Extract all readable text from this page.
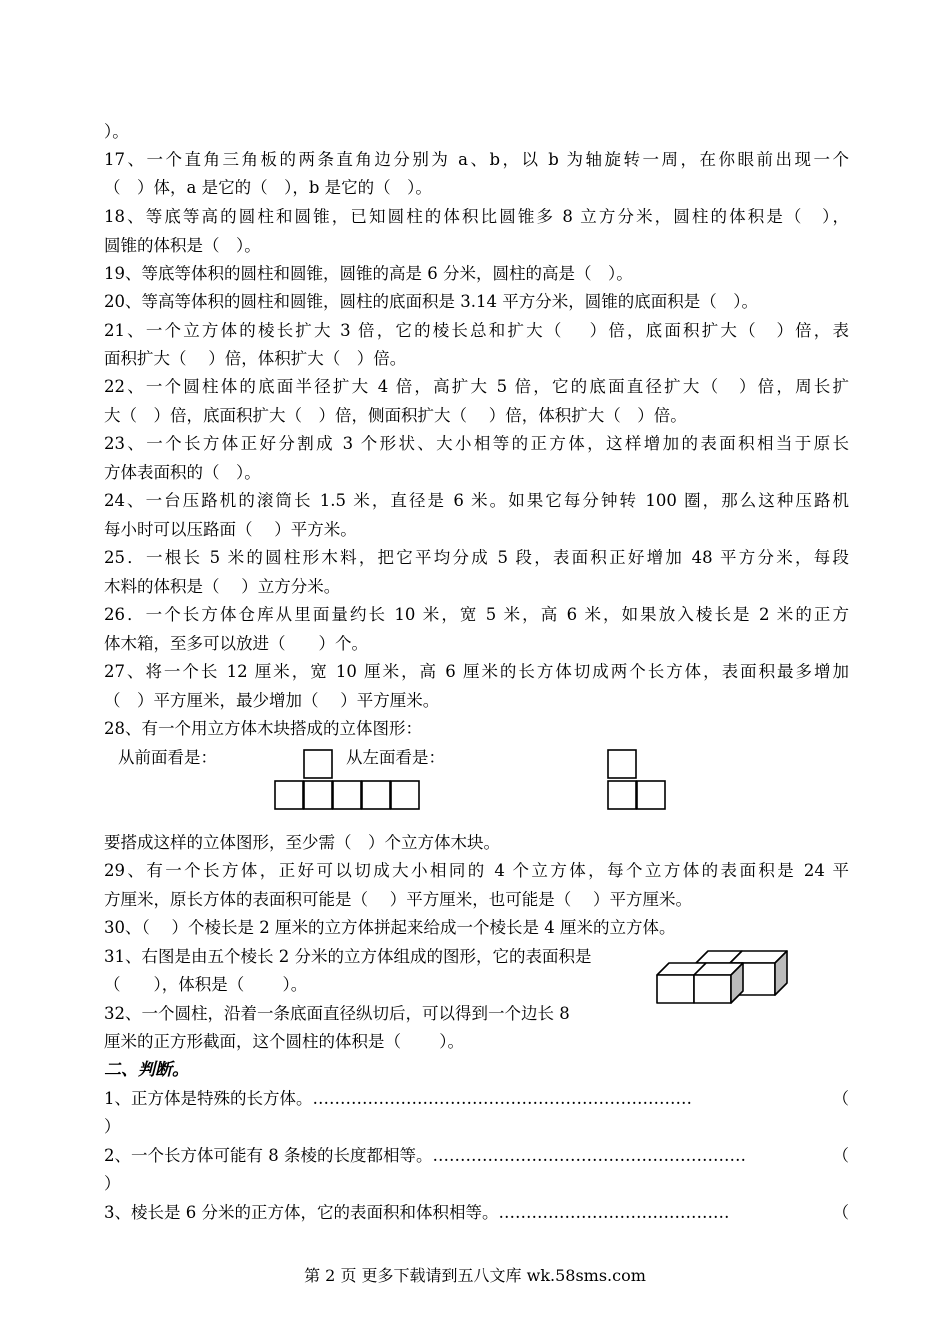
）。
17、一个直角三角板的两条直角边分别为 a、b，以 b 为轴旋转一周，在你眼前出现一个
（　）体，a 是它的（　），b 是它的（　）。
18、等底等高的圆柱和圆锥，已知圆柱的体积比圆锥多 8 立方分米，圆柱的体积是（　），
圆锥的体积是（　）。
19、等底等体积的圆柱和圆锥，圆锥的高是 6 分米，圆柱的高是（　）。
20、等高等体积的圆柱和圆锥，圆柱的底面积是 3.14 平方分米，圆锥的底面积是（　）。
21、一个立方体的棱长扩大 3 倍，它的棱长总和扩大（　 ）倍，底面积扩大（　）倍，表
面积扩大（　 ）倍，体积扩大（　）倍。
22、一个圆柱体的底面半径扩大 4 倍，高扩大 5 倍，它的底面直径扩大（　）倍，周长扩
大（　）倍，底面积扩大（　）倍，侧面积扩大（　 ）倍，体积扩大（　）倍。
23、一个长方体正好分割成 3 个形状、大小相等的正方体，这样增加的表面积相当于原长
方体表面积的（　）。
24、一台压路机的滚筒长 1.5 米，直径是 6 米。如果它每分钟转 100 圈，那么这种压路机
每小时可以压路面（　 ）平方米。
25．一根长 5 米的圆柱形木料，把它平均分成 5 段，表面积正好增加 48 平方分米，每段
木料的体积是（　 ）立方分米。
26．一个长方体仓库从里面量约长 10 米，宽 5 米，高 6 米，如果放入棱长是 2 米的正方
体木箱，至多可以放进（　　）个。
27、将一个长 12 厘米，宽 10 厘米，高 6 厘米的长方体切成两个长方体，表面积最多增加
（　）平方厘米，最少增加（　 ）平方厘米。
28、有一个用立方体木块搭成的立体图形：
从前面看是：	从左面看是：
要搭成这样的立体图形，至少需（　）个立方体木块。
29、有一个长方体，正好可以切成大小相同的 4 个立方体，每个立方体的表面积是 24 平
方厘米，原长方体的表面积可能是（　 ）平方厘米，也可能是（　 ）平方厘米。
30、（　 ）个棱长是 2 厘米的立方体拼起来给成一个棱长是 4 厘米的立方体。
31、右图是由五个棱长 2 分米的立方体组成的图形，它的表面积是
（　　），体积是（　　 ）。
32、一个圆柱，沿着一条底面直径纵切后，可以得到一个边长 8
厘米的正方形截面，这个圆柱的体积是（　　 ）。
二、判断。
1、正方体是特殊的长方体。 ……………………………………………………………	（
）
2、一个长方体可能有 8 条棱的长度都相等。 …………………………………………………	（
）
3、棱长是 6 分米的正方体，它的表面积和体积相等。 ……………………………………	（
第 2 页 更多下载请到五八文库 wk.58sms.com
